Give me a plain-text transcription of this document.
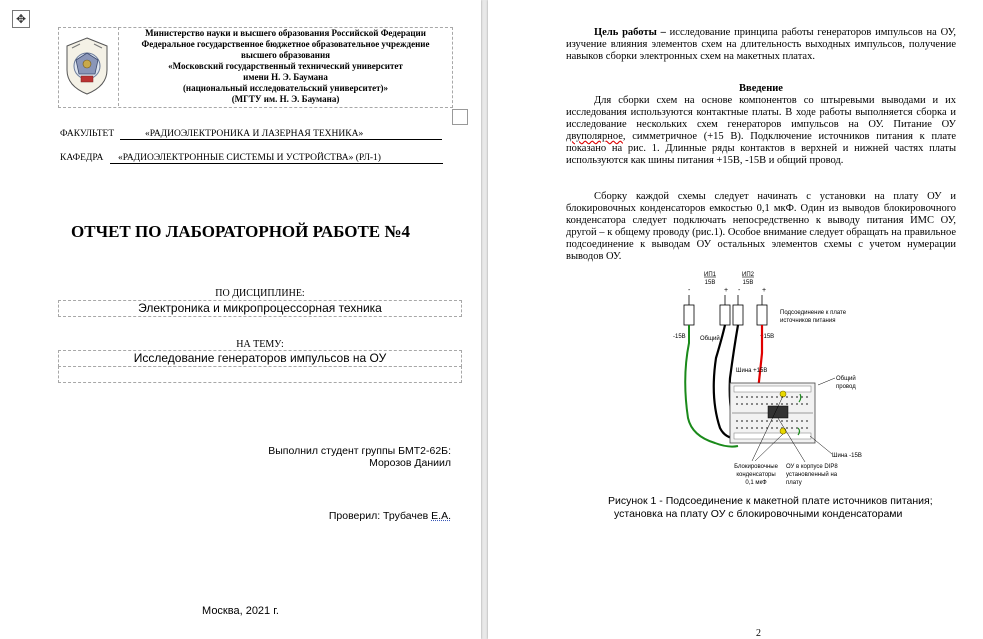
✥
Министерство науки и высшего образования Российской Федерации
Федеральное государственное бюджетное образовательное учреждение
высшего образования
«Московский государственный технический университет
имени Н. Э. Баумана
(национальный исследовательский университет)»
(МГТУ им. Н. Э. Баумана)
ФАКУЛЬТЕТ	«РАДИОЭЛЕКТРОНИКА И ЛАЗЕРНАЯ ТЕХНИКА»
КАФЕДРА	«РАДИОЭЛЕКТРОННЫЕ СИСТЕМЫ И УСТРОЙСТВА» (РЛ-1)
ОТЧЕТ ПО ЛАБОРАТОРНОЙ РАБОТЕ №4
ПО ДИСЦИПЛИНЕ:
Электроника и микропроцессорная техника
НА ТЕМУ:
Исследование генераторов импульсов на ОУ
Выполнил студент группы БМТ2-62Б:
Морозов Даниил
Проверил: Трубачев Е.А.
Москва, 2021 г.
Цель работы – исследование принципа работы генераторов импульсов на ОУ, изучение влияния элементов схем на длительность выходных импульсов, получение навыков сборки электронных схем на макетных платах.
Введение
Для сборки схем на основе компонентов со штыревыми выводами и их исследования используются контактные платы. В ходе работы выполняется сборка и исследование нескольких схем генераторов импульсов на ОУ. Питание ОУ двуполярное, симметричное (+15 В). Подключение источников питания к плате показано на рис. 1. Длинные ряды контактов в верхней и нижней частях платы используются как шины питания +15В, -15В и общий провод.
Сборку каждой схемы следует начинать с установки на плату ОУ и блокировочных конденсаторов емкостью 0,1 мкФ. Один из выводов блокировочного конденсатора следует подключать непосредственно к выводу питания ИМС ОУ, другой – к общему проводу (рис.1). Особое внимание следует обращать на правильное подсоединение к выводам ОУ остальных элементов схемы с учетом нумерации выводов ОУ.
ИП1
15В
ИП2
15В
-	+ -	+
Подсоединение к плате
источников питания
-15В Общий	+15В
Шина +15В
Общий
провод
Шина -15В
Блокировочные
конденсаторы
0,1 мкФ
ОУ в корпусе DIP8
установленный на
плату
Рисунок 1 - Подсоединение к макетной плате источников питания;
установка на плату ОУ с блокировочными конденсаторами
2
